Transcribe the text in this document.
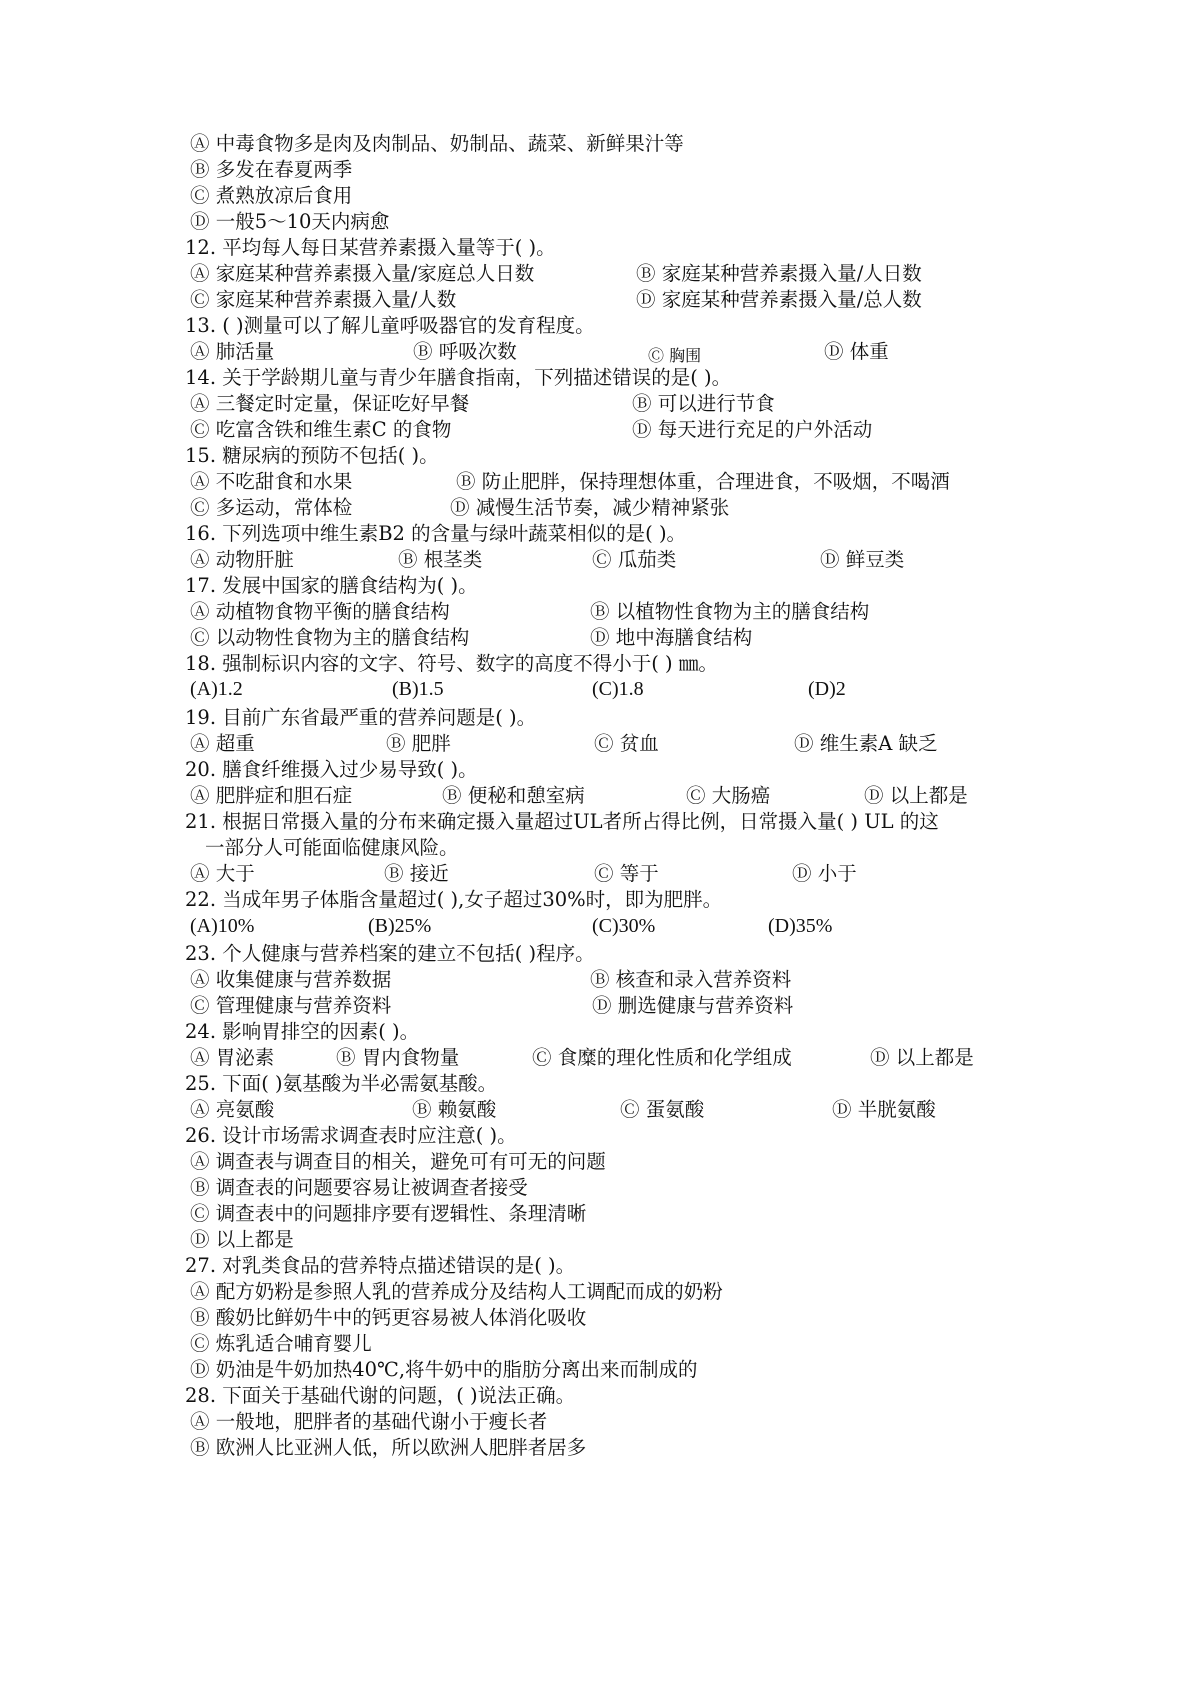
Ⓐ 中毒食物多是肉及肉制品、奶制品、蔬菜、新鲜果汁等
Ⓑ 多发在春夏两季
Ⓒ 煮熟放凉后食用
Ⓓ 一般5～10天内病愈
12. 平均每人每日某营养素摄入量等于( )。
Ⓐ 家庭某种营养素摄入量/家庭总人日数	Ⓑ 家庭某种营养素摄入量/人日数
Ⓒ 家庭某种营养素摄入量/人数	Ⓓ 家庭某种营养素摄入量/总人数
13. ( )测量可以了解儿童呼吸器官的发育程度。
Ⓐ 肺活量	Ⓑ 呼吸次数	Ⓒ 胸围	Ⓓ 体重
14. 关于学龄期儿童与青少年膳食指南，下列描述错误的是( )。
Ⓐ 三餐定时定量，保证吃好早餐	Ⓑ 可以进行节食
Ⓒ 吃富含铁和维生素C 的食物	Ⓓ 每天进行充足的户外活动
15. 糖尿病的预防不包括( )。
Ⓐ 不吃甜食和水果	Ⓑ 防止肥胖，保持理想体重，合理进食，不吸烟，不喝酒
Ⓒ 多运动，常体检	Ⓓ 减慢生活节奏，减少精神紧张
16. 下列选项中维生素B2 的含量与绿叶蔬菜相似的是( )。
Ⓐ 动物肝脏	Ⓑ 根茎类	Ⓒ 瓜茄类	Ⓓ 鲜豆类
17. 发展中国家的膳食结构为( )。
Ⓐ 动植物食物平衡的膳食结构	Ⓑ 以植物性食物为主的膳食结构
Ⓒ 以动物性食物为主的膳食结构	Ⓓ 地中海膳食结构
18. 强制标识内容的文字、符号、数字的高度不得小于( ) ㎜。
(A)1.2	(B)1.5	(C)1.8	(D)2
19. 目前广东省最严重的营养问题是( )。
Ⓐ 超重	Ⓑ 肥胖	Ⓒ 贫血	Ⓓ 维生素A 缺乏
20. 膳食纤维摄入过少易导致( )。
Ⓐ 肥胖症和胆石症	Ⓑ 便秘和憩室病	Ⓒ 大肠癌	Ⓓ 以上都是
21. 根据日常摄入量的分布来确定摄入量超过UL者所占得比例，日常摄入量( ) UL 的这
一部分人可能面临健康风险。
Ⓐ 大于	Ⓑ 接近	Ⓒ 等于	Ⓓ 小于
22. 当成年男子体脂含量超过( ),女子超过30%时，即为肥胖。
(A)10%	(B)25%	(C)30%	(D)35%
23. 个人健康与营养档案的建立不包括( )程序。
Ⓐ 收集健康与营养数据	Ⓑ 核查和录入营养资料
Ⓒ 管理健康与营养资料	Ⓓ 删选健康与营养资料
24. 影响胃排空的因素( )。
Ⓐ 胃泌素	Ⓑ 胃内食物量	Ⓒ 食糜的理化性质和化学组成	Ⓓ 以上都是
25. 下面( )氨基酸为半必需氨基酸。
Ⓐ 亮氨酸	Ⓑ 赖氨酸	Ⓒ 蛋氨酸	Ⓓ 半胱氨酸
26. 设计市场需求调查表时应注意( )。
Ⓐ 调查表与调查目的相关，避免可有可无的问题
Ⓑ 调查表的问题要容易让被调查者接受
Ⓒ 调查表中的问题排序要有逻辑性、条理清晰
Ⓓ 以上都是
27. 对乳类食品的营养特点描述错误的是( )。
Ⓐ 配方奶粉是参照人乳的营养成分及结构人工调配而成的奶粉
Ⓑ 酸奶比鲜奶牛中的钙更容易被人体消化吸收
Ⓒ 炼乳适合哺育婴儿
Ⓓ 奶油是牛奶加热40℃,将牛奶中的脂肪分离出来而制成的
28. 下面关于基础代谢的问题，( )说法正确。
Ⓐ 一般地，肥胖者的基础代谢小于瘦长者
Ⓑ 欧洲人比亚洲人低，所以欧洲人肥胖者居多
